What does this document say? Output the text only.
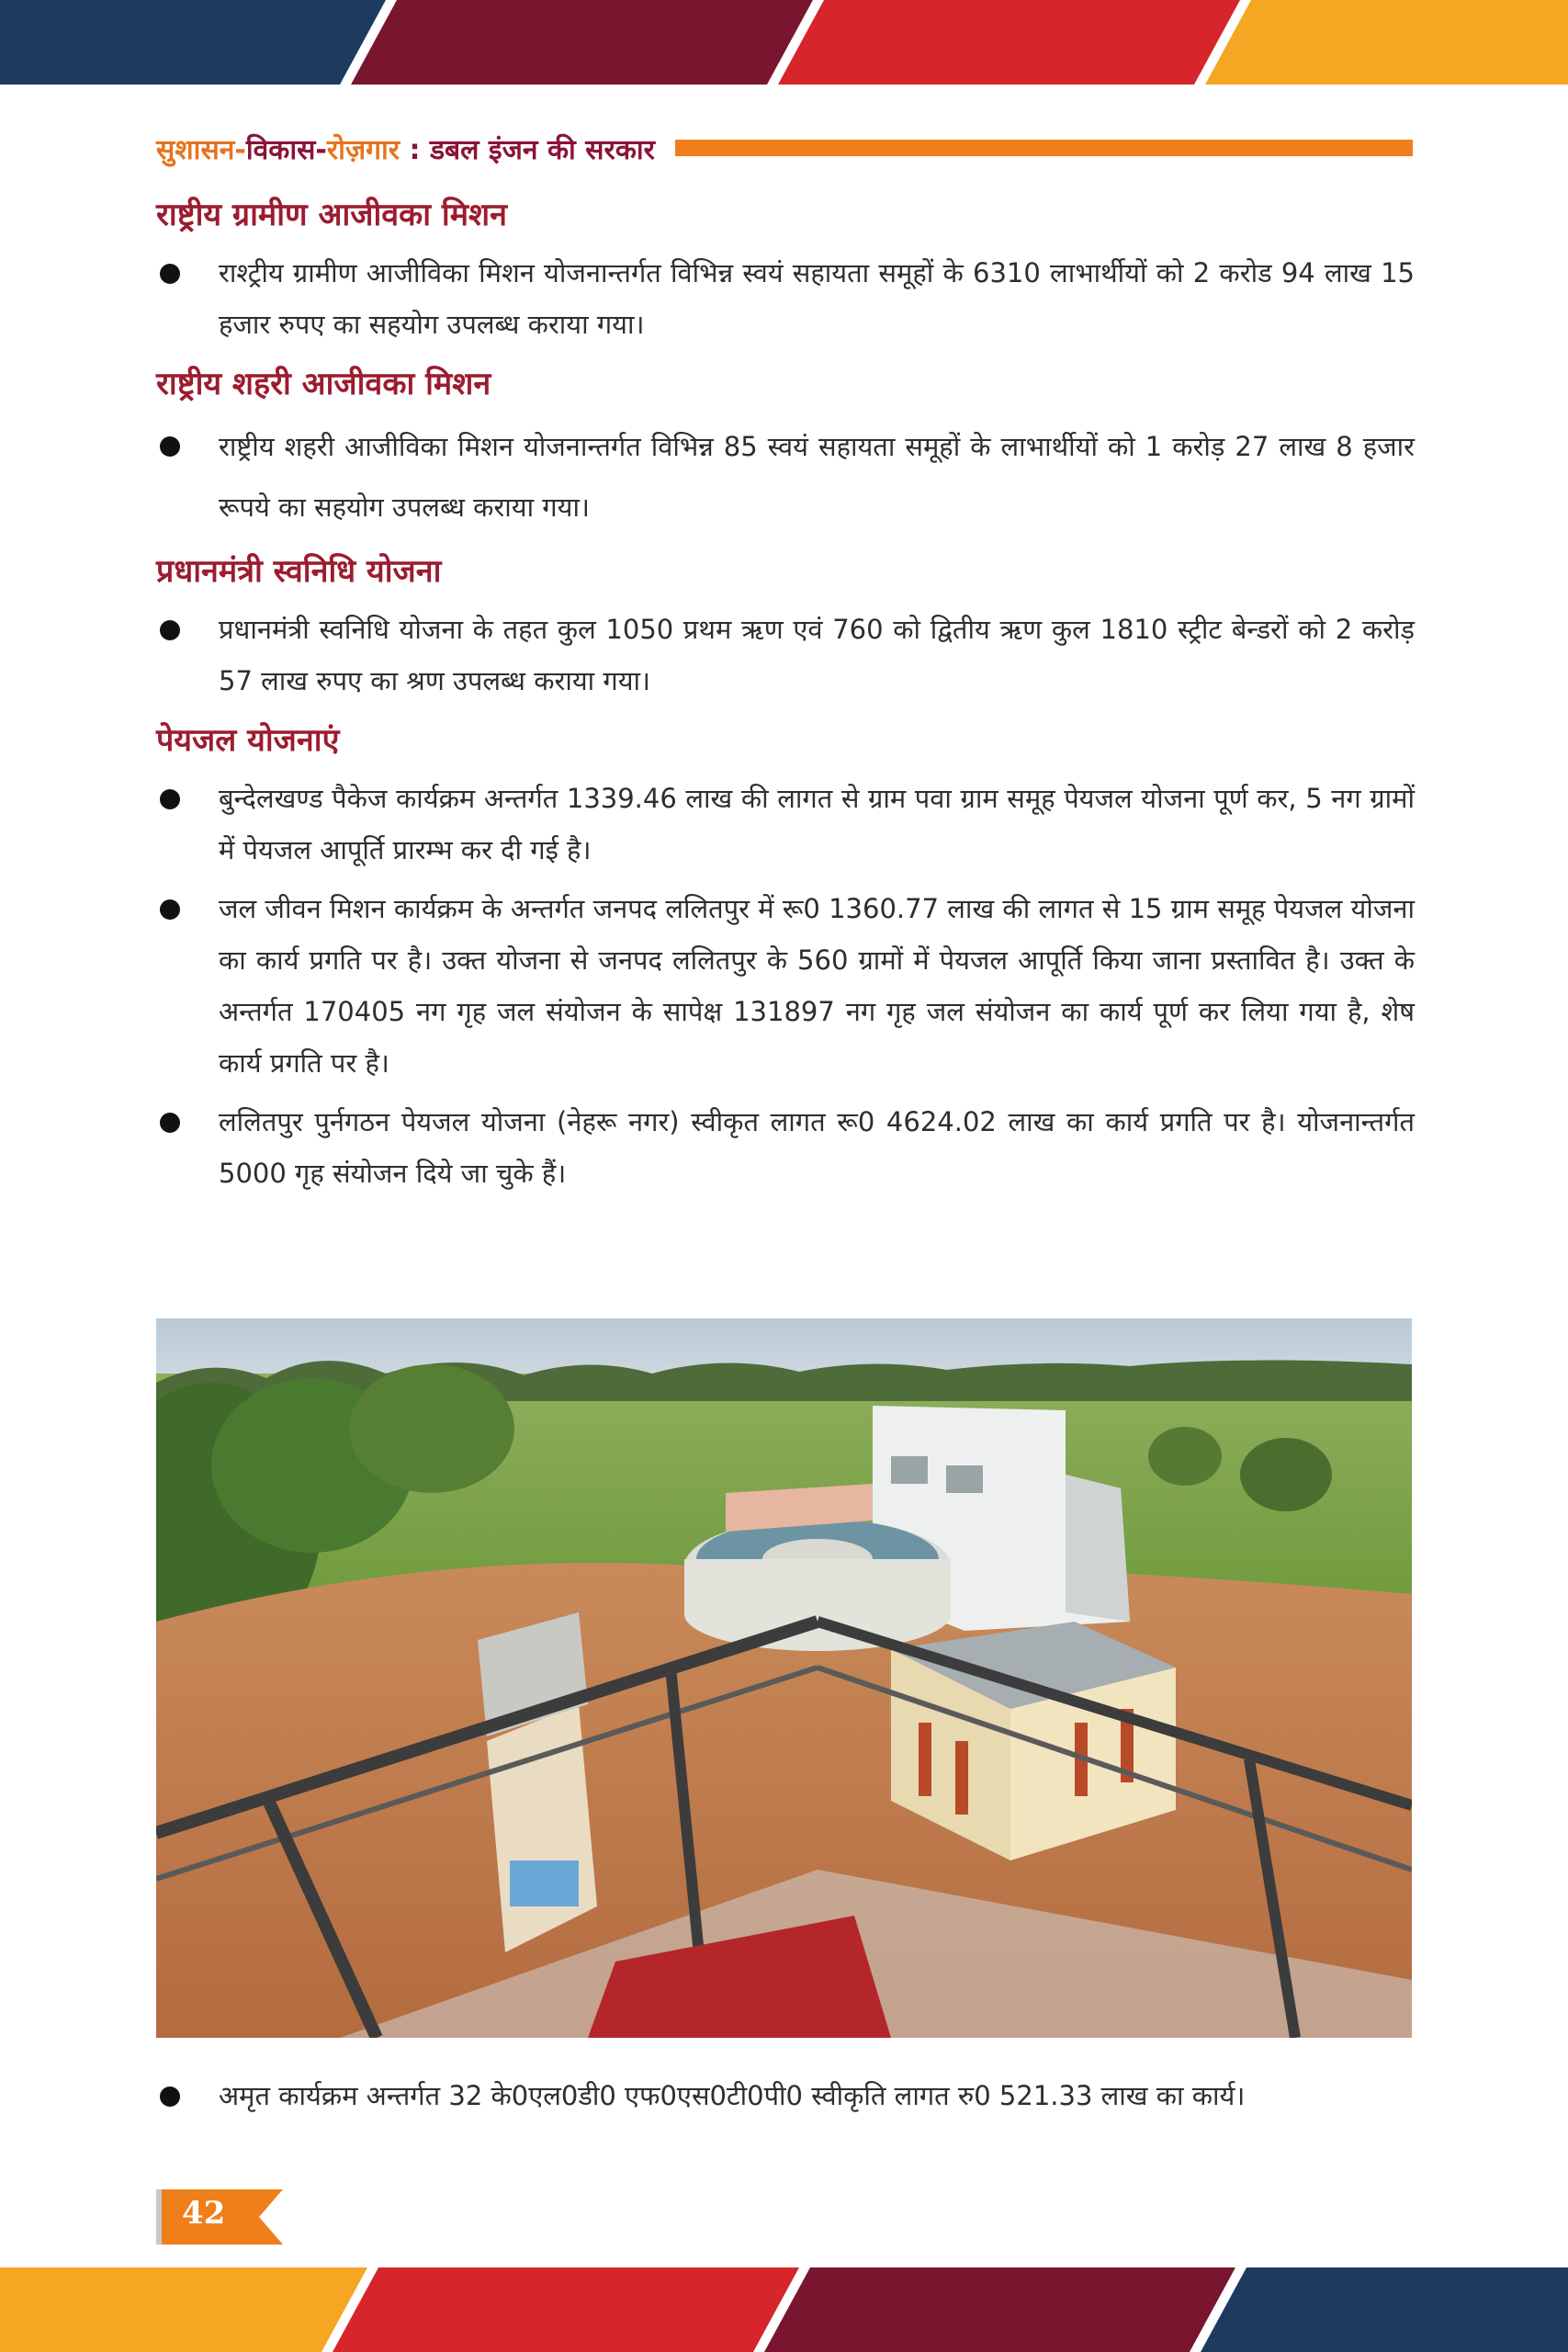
सुशासन-विकास-रोज़गार : डबल इंजन की सरकार
राष्ट्रीय ग्रामीण आजीवका मिशन

राश्ट्रीय ग्रामीण आजीविका मिशन योजनान्तर्गत विभिन्न स्वयं सहायता समूहों के 6310 लाभार्थीयों को 2 करोड 94 लाख 15 हजार रुपए का सहयोग उपलब्ध कराया गया।

राष्ट्रीय शहरी आजीवका मिशन

राष्ट्रीय शहरी आजीविका मिशन योजनान्तर्गत विभिन्न 85 स्वयं सहायता समूहों के लाभार्थीयों को 1 करोड़ 27 लाख 8 हजार रूपये का सहयोग उपलब्ध कराया गया।

प्रधानमंत्री स्वनिधि योजना

प्रधानमंत्री स्वनिधि योजना के तहत कुल 1050 प्रथम ऋण एवं 760 को द्वितीय ऋण कुल 1810 स्ट्रीट बेन्डरों को 2 करोड़ 57 लाख रुपए का श्रण उपलब्ध कराया गया।

पेयजल योजनाएं

बुन्देलखण्ड पैकेज कार्यक्रम अन्तर्गत 1339.46 लाख की लागत से ग्राम पवा ग्राम समूह पेयजल योजना पूर्ण कर, 5 नग ग्रामों में पेयजल आपूर्ति प्रारम्भ कर दी गई है।

जल जीवन मिशन कार्यक्रम के अन्तर्गत जनपद ललितपुर में रू0 1360.77 लाख की लागत से 15 ग्राम समूह पेयजल योजना का कार्य प्रगति पर है। उक्त योजना से जनपद ललितपुर के 560 ग्रामों में पेयजल आपूर्ति किया जाना प्रस्तावित है। उक्त के अन्तर्गत 170405 नग गृह जल संयोजन के सापेक्ष 131897 नग गृह जल संयोजन का कार्य पूर्ण कर लिया गया है, शेष कार्य प्रगति पर है।

ललितपुर पुर्नगठन पेयजल योजना (नेहरू नगर) स्वीकृत लागत रू0 4624.02 लाख का कार्य प्रगति पर है। योजनान्तर्गत 5000 गृह संयोजन दिये जा चुके हैं।

अमृत कार्यक्रम अन्तर्गत 32 के0एल0डी0 एफ0एस0टी0पी0 स्वीकृति लागत रु0 521.33 लाख का कार्य।

42
